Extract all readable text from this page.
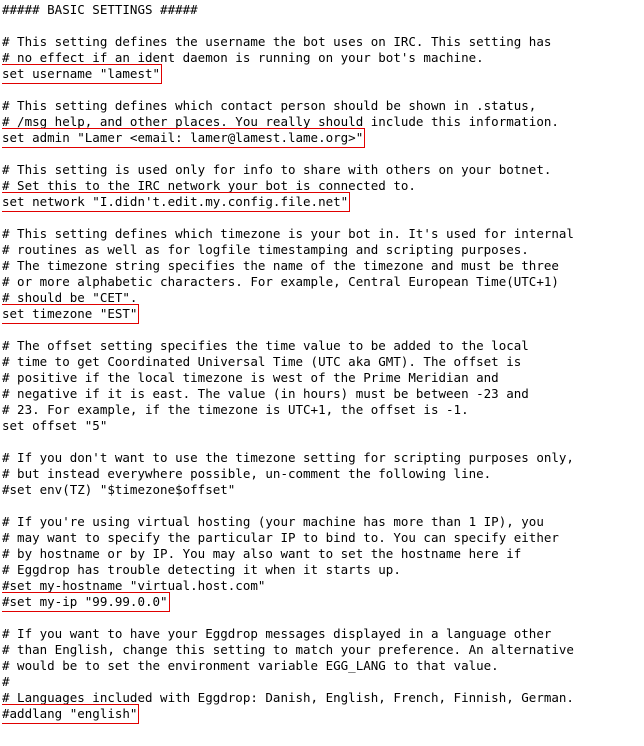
##### BASIC SETTINGS #####
# This setting defines the username the bot uses on IRC. This setting has
# no effect if an ident daemon is running on your bot's machine.
set username "lamest"
# This setting defines which contact person should be shown in .status,
# /msg help, and other places. You really should include this information.
set admin "Lamer <email: lamer@lamest.lame.org>"
# This setting is used only for info to share with others on your botnet.
# Set this to the IRC network your bot is connected to.
set network "I.didn't.edit.my.config.file.net"
# This setting defines which timezone is your bot in. It's used for internal
# routines as well as for logfile timestamping and scripting purposes.
# The timezone string specifies the name of the timezone and must be three
# or more alphabetic characters. For example, Central European Time(UTC+1)
# should be "CET".
set timezone "EST"
# The offset setting specifies the time value to be added to the local
# time to get Coordinated Universal Time (UTC aka GMT). The offset is
# positive if the local timezone is west of the Prime Meridian and
# negative if it is east. The value (in hours) must be between -23 and
# 23. For example, if the timezone is UTC+1, the offset is -1.
set offset "5"
# If you don't want to use the timezone setting for scripting purposes only,
# but instead everywhere possible, un-comment the following line.
#set env(TZ) "$timezone$offset"
# If you're using virtual hosting (your machine has more than 1 IP), you
# may want to specify the particular IP to bind to. You can specify either
# by hostname or by IP. You may also want to set the hostname here if
# Eggdrop has trouble detecting it when it starts up.
#set my-hostname "virtual.host.com"
#set my-ip "99.99.0.0"
# If you want to have your Eggdrop messages displayed in a language other
# than English, change this setting to match your preference. An alternative
# would be to set the environment variable EGG_LANG to that value.
#
# Languages included with Eggdrop: Danish, English, French, Finnish, German.
#addlang "english"
